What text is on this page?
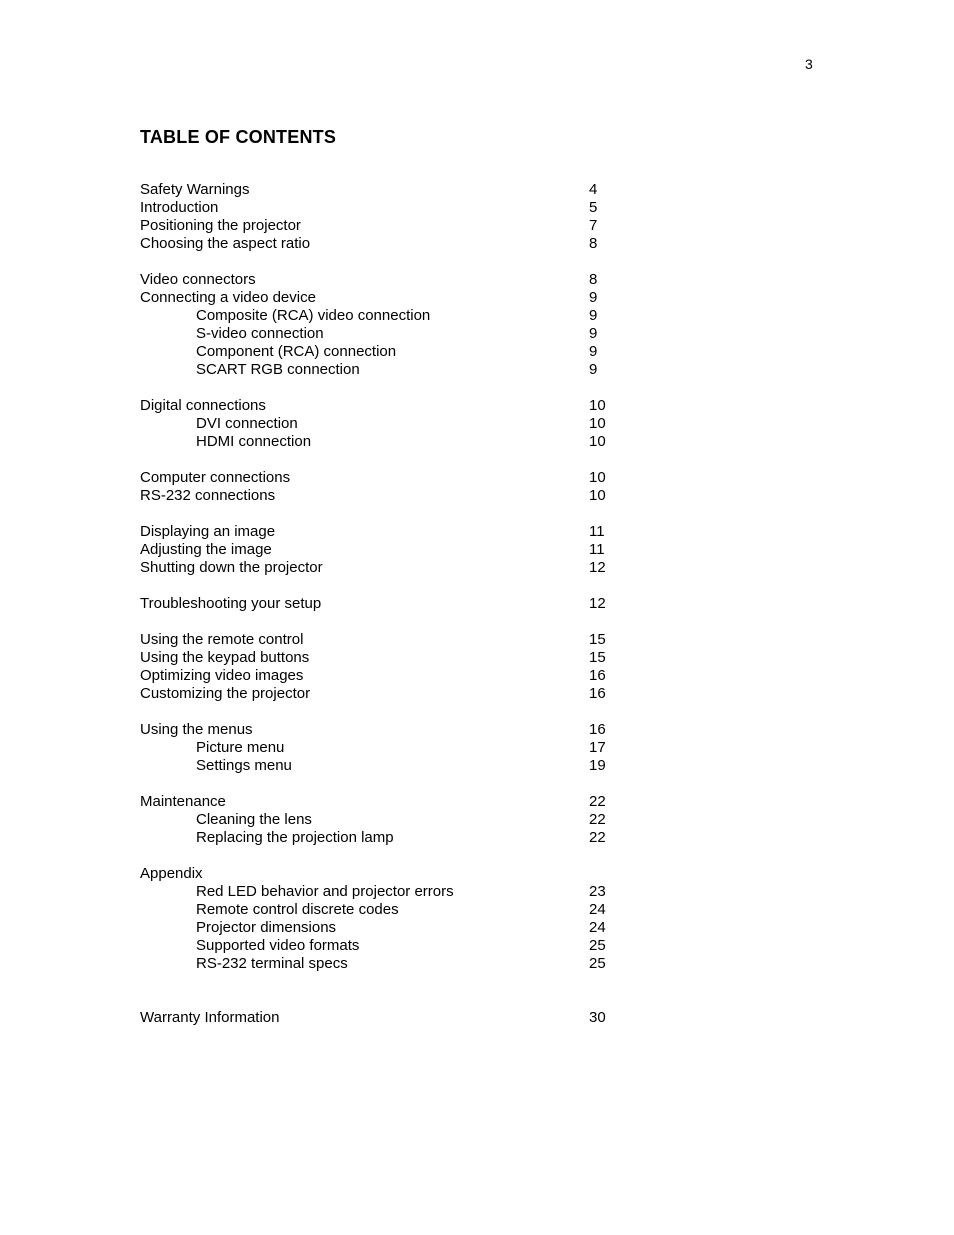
3
TABLE OF CONTENTS
Safety Warnings	4
Introduction	5
Positioning the projector	7
Choosing the aspect ratio	8
Video connectors	8
Connecting a video device	9
Composite (RCA) video connection	9
S-video connection	9
Component (RCA) connection	9
SCART RGB connection	9
Digital connections	10
DVI connection	10
HDMI connection	10
Computer connections	10
RS-232 connections	10
Displaying an image	11
Adjusting the image	11
Shutting down the projector	12
Troubleshooting your setup	12
Using the remote control	15
Using the keypad buttons	15
Optimizing video images	16
Customizing the projector	16
Using the menus	16
Picture menu	17
Settings menu	19
Maintenance	22
Cleaning the lens	22
Replacing the projection lamp	22
Appendix
Red LED behavior and projector errors	23
Remote control discrete codes	24
Projector dimensions	24
Supported video formats	25
RS-232 terminal specs	25
Warranty Information	30
